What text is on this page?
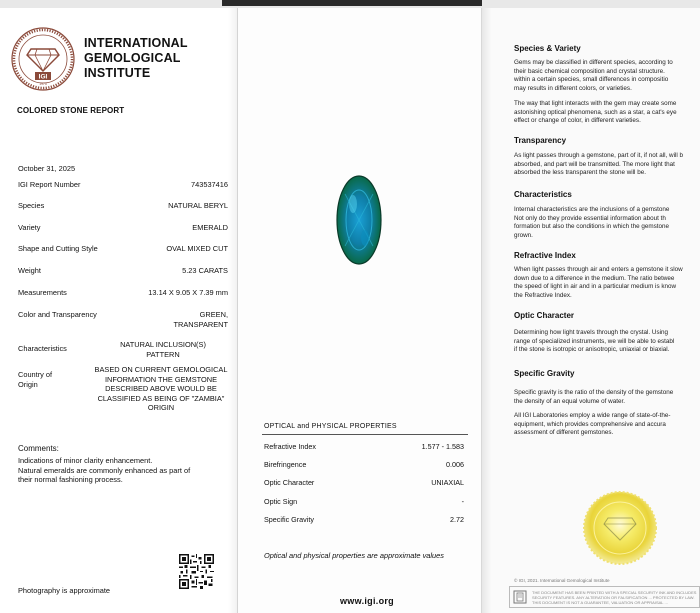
IGI
1975
INTERNATIONAL
GEMOLOGICAL
INSTITUTE
COLORED STONE REPORT
October 31, 2025
IGI Report Number	743537416
Species	NATURAL BERYL
Variety	EMERALD
Shape and Cutting Style	OVAL MIXED CUT
Weight	5.23 CARATS
Measurements	13.14 X 9.05 X 7.39 mm
Color and Transparency	GREEN,
TRANSPARENT
Characteristics	NATURAL INCLUSION(S)
PATTERN
Country of
Origin
BASED ON CURRENT GEMOLOGICAL
INFORMATION THE GEMSTONE
DESCRIBED ABOVE WOULD BE
CLASSIFIED AS BEING OF "ZAMBIA"
ORIGIN
Comments:
Indications of minor clarity enhancement.
Natural emeralds are commonly enhanced as part of
their normal fashioning process.
Photography is approximate
OPTICAL and PHYSICAL PROPERTIES
Refractive Index	1.577 - 1.583
Birefringence	0.006
Optic Character	UNIAXIAL
Optic Sign	-
Specific Gravity	2.72
Optical and physical properties are approximate values
www.igi.org
Species & Variety
Gems may be classified in different species, according to
their basic chemical composition and crystal structure.
within a certain species, small differences in compositio
may results in different colors, or varieties.
The way that light interacts with the gem may create some
astonishing optical phenomena, such as a star, a cat's eye
effect or change of color, in different varieties.
Transparency
As light passes through a gemstone, part of it, if not all, will b
absorbed, and part will be transmitted. The more light that
absorbed the less transparent the stone will be.
Characteristics
Internal characteristics are the inclusions of a gemstone
Not only do they provide essential information about th
formation but also the conditions in which the gemstone
grown.
Refractive Index
When light passes through air and enters a gemstone it slow
down due to a difference in the medium. The ratio betwee
the speed of light in air and in a particular medium is know
the Refractive Index.
Optic Character
Determining how light travels through the crystal. Using
range of specialized instruments, we will be able to establ
if the stone is isotropic or anisotropic, uniaxial or biaxial.
Specific Gravity
Specific gravity is the ratio of the density of the gemstone
the density of an equal volume of water.
All IGI Laboratories employ a wide range of state-of-the-
equipment, which provides comprehensive and accura
assessment of different gemstones.
© IGI, 2021. International Gemological Institute
THE DOCUMENT HAS BEEN PRINTED WITH A SPECIAL SECURITY INK AND INCLUDES SECURITY FEATURES. ANY ALTERATION OR FALSIFICATION ... PROTECTED BY LAW. THIS DOCUMENT IS NOT A GUARANTEE, VALUATION OR APPRAISAL ...
